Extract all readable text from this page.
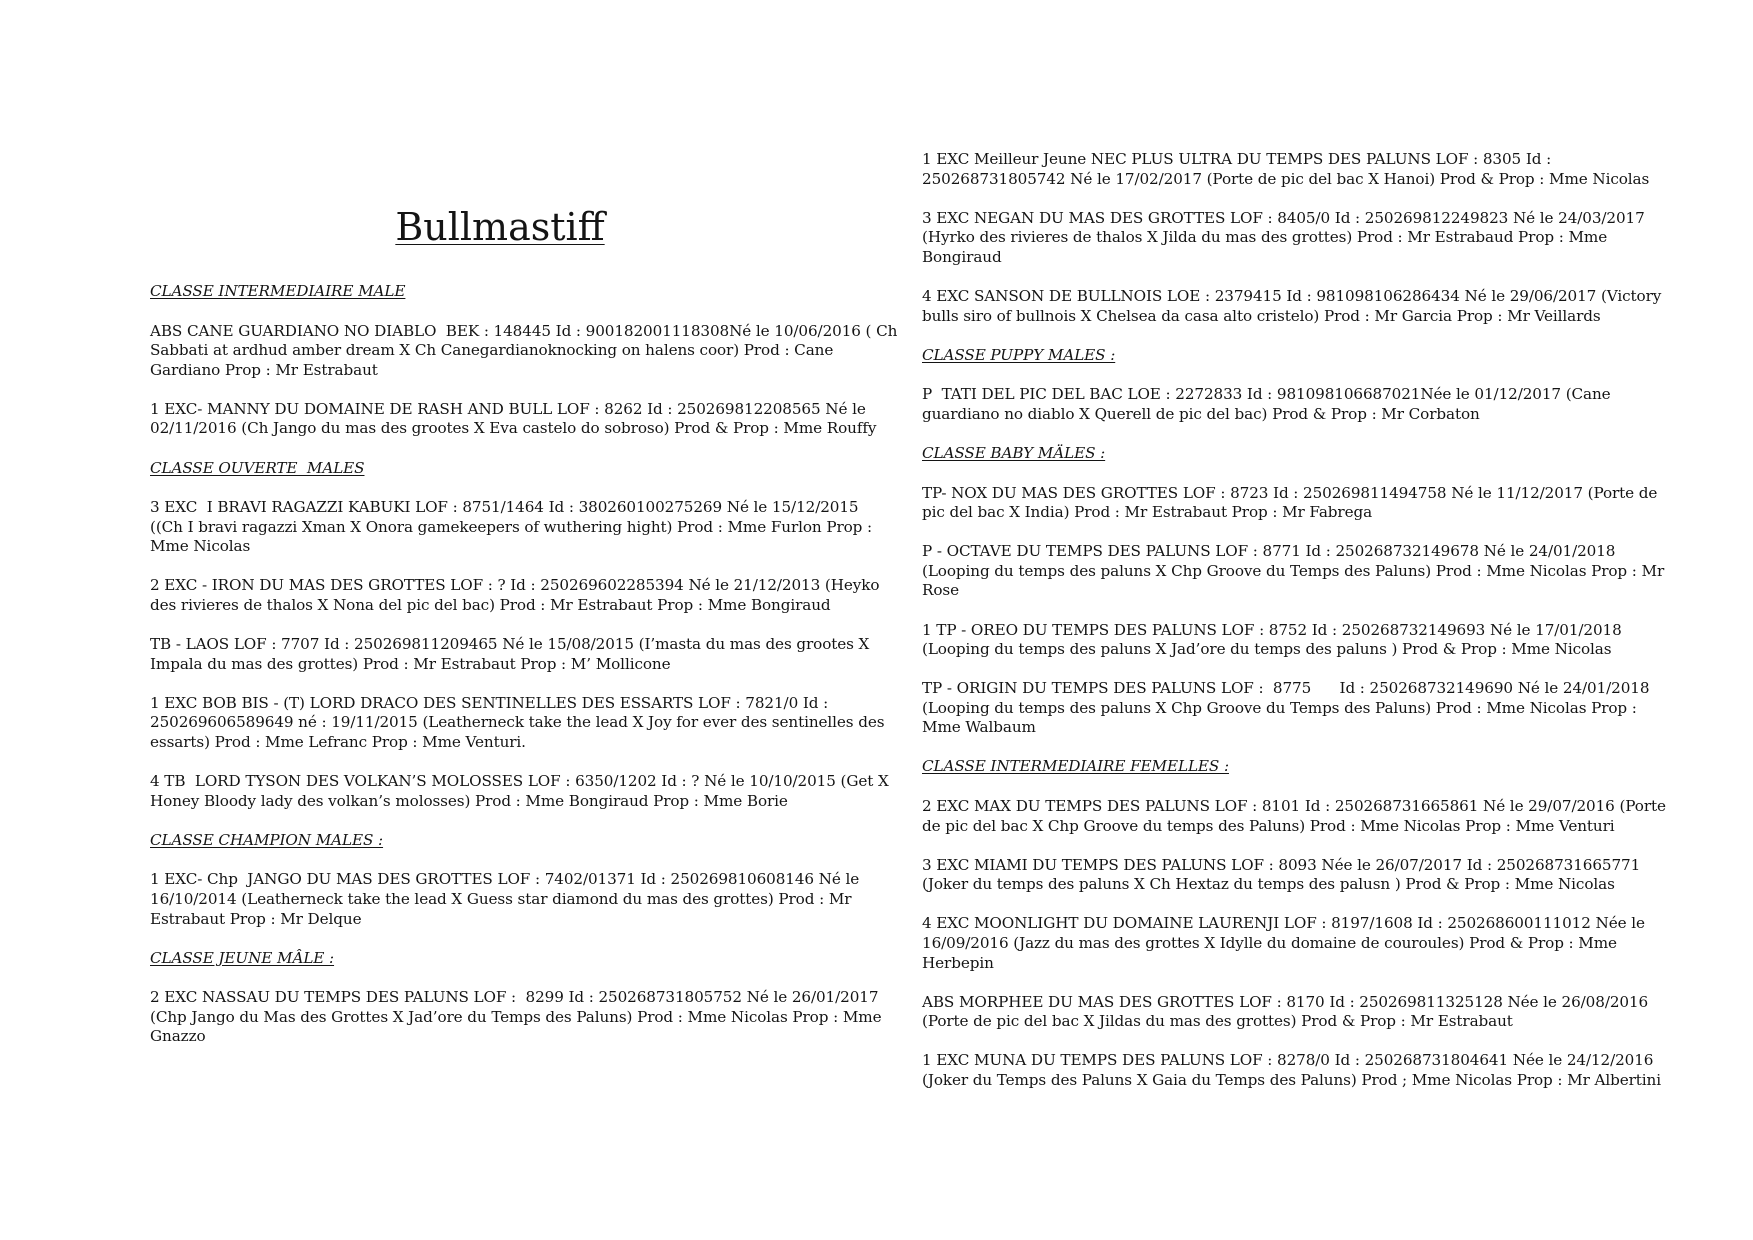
Bullmastiff
CLASSE INTERMEDIAIRE MALE
ABS CANE GUARDIANO NO DIABLO  BEK : 148445 Id : 900182001118308Né le 10/06/2016 ( Ch
Sabbati at ardhud amber dream X Ch Canegardianoknocking on halens coor) Prod : Cane
Gardiano Prop : Mr Estrabaut
1 EXC- MANNY DU DOMAINE DE RASH AND BULL LOF : 8262 Id : 250269812208565 Né le
02/11/2016 (Ch Jango du mas des grootes X Eva castelo do sobroso) Prod & Prop : Mme Rouffy
CLASSE OUVERTE  MALES
3 EXC  I BRAVI RAGAZZI KABUKI LOF : 8751/1464 Id : 380260100275269 Né le 15/12/2015
((Ch I bravi ragazzi Xman X Onora gamekeepers of wuthering hight) Prod : Mme Furlon Prop :
Mme Nicolas
2 EXC - IRON DU MAS DES GROTTES LOF : ? Id : 250269602285394 Né le 21/12/2013 (Heyko
des rivieres de thalos X Nona del pic del bac) Prod : Mr Estrabaut Prop : Mme Bongiraud
TB - LAOS LOF : 7707 Id : 250269811209465 Né le 15/08/2015 (I’masta du mas des grootes X
Impala du mas des grottes) Prod : Mr Estrabaut Prop : M’ Mollicone
1 EXC BOB BIS - (T) LORD DRACO DES SENTINELLES DES ESSARTS LOF : 7821/0 Id :
250269606589649 né : 19/11/2015 (Leatherneck take the lead X Joy for ever des sentinelles des
essarts) Prod : Mme Lefranc Prop : Mme Venturi.
4 TB  LORD TYSON DES VOLKAN’S MOLOSSES LOF : 6350/1202 Id : ? Né le 10/10/2015 (Get X
Honey Bloody lady des volkan’s molosses) Prod : Mme Bongiraud Prop : Mme Borie
CLASSE CHAMPION MALES :
1 EXC- Chp  JANGO DU MAS DES GROTTES LOF : 7402/01371 Id : 250269810608146 Né le
16/10/2014 (Leatherneck take the lead X Guess star diamond du mas des grottes) Prod : Mr
Estrabaut Prop : Mr Delque
CLASSE JEUNE MÂLE :
2 EXC NASSAU DU TEMPS DES PALUNS LOF :  8299 Id : 250268731805752 Né le 26/01/2017
(Chp Jango du Mas des Grottes X Jad’ore du Temps des Paluns) Prod : Mme Nicolas Prop : Mme
Gnazzo
1 EXC Meilleur Jeune NEC PLUS ULTRA DU TEMPS DES PALUNS LOF : 8305 Id :
250268731805742 Né le 17/02/2017 (Porte de pic del bac X Hanoi) Prod & Prop : Mme Nicolas
3 EXC NEGAN DU MAS DES GROTTES LOF : 8405/0 Id : 250269812249823 Né le 24/03/2017
(Hyrko des rivieres de thalos X Jilda du mas des grottes) Prod : Mr Estrabaud Prop : Mme
Bongiraud
4 EXC SANSON DE BULLNOIS LOE : 2379415 Id : 981098106286434 Né le 29/06/2017 (Victory
bulls siro of bullnois X Chelsea da casa alto cristelo) Prod : Mr Garcia Prop : Mr Veillards
CLASSE PUPPY MALES :
P  TATI DEL PIC DEL BAC LOE : 2272833 Id : 981098106687021Née le 01/12/2017 (Cane
guardiano no diablo X Querell de pic del bac) Prod & Prop : Mr Corbaton
CLASSE BABY MÄLES :
TP- NOX DU MAS DES GROTTES LOF : 8723 Id : 250269811494758 Né le 11/12/2017 (Porte de
pic del bac X India) Prod : Mr Estrabaut Prop : Mr Fabrega
P - OCTAVE DU TEMPS DES PALUNS LOF : 8771 Id : 250268732149678 Né le 24/01/2018
(Looping du temps des paluns X Chp Groove du Temps des Paluns) Prod : Mme Nicolas Prop : Mr
Rose
1 TP - OREO DU TEMPS DES PALUNS LOF : 8752 Id : 250268732149693 Né le 17/01/2018
(Looping du temps des paluns X Jad’ore du temps des paluns ) Prod & Prop : Mme Nicolas
TP - ORIGIN DU TEMPS DES PALUNS LOF :  8775      Id : 250268732149690 Né le 24/01/2018
(Looping du temps des paluns X Chp Groove du Temps des Paluns) Prod : Mme Nicolas Prop :
Mme Walbaum
CLASSE INTERMEDIAIRE FEMELLES :
2 EXC MAX DU TEMPS DES PALUNS LOF : 8101 Id : 250268731665861 Né le 29/07/2016 (Porte
de pic del bac X Chp Groove du temps des Paluns) Prod : Mme Nicolas Prop : Mme Venturi
3 EXC MIAMI DU TEMPS DES PALUNS LOF : 8093 Née le 26/07/2017 Id : 250268731665771
(Joker du temps des paluns X Ch Hextaz du temps des palusn ) Prod & Prop : Mme Nicolas
4 EXC MOONLIGHT DU DOMAINE LAURENJI LOF : 8197/1608 Id : 250268600111012 Née le
16/09/2016 (Jazz du mas des grottes X Idylle du domaine de couroules) Prod & Prop : Mme
Herbepin
ABS MORPHEE DU MAS DES GROTTES LOF : 8170 Id : 250269811325128 Née le 26/08/2016
(Porte de pic del bac X Jildas du mas des grottes) Prod & Prop : Mr Estrabaut
1 EXC MUNA DU TEMPS DES PALUNS LOF : 8278/0 Id : 250268731804641 Née le 24/12/2016
(Joker du Temps des Paluns X Gaia du Temps des Paluns) Prod ; Mme Nicolas Prop : Mr Albertini
